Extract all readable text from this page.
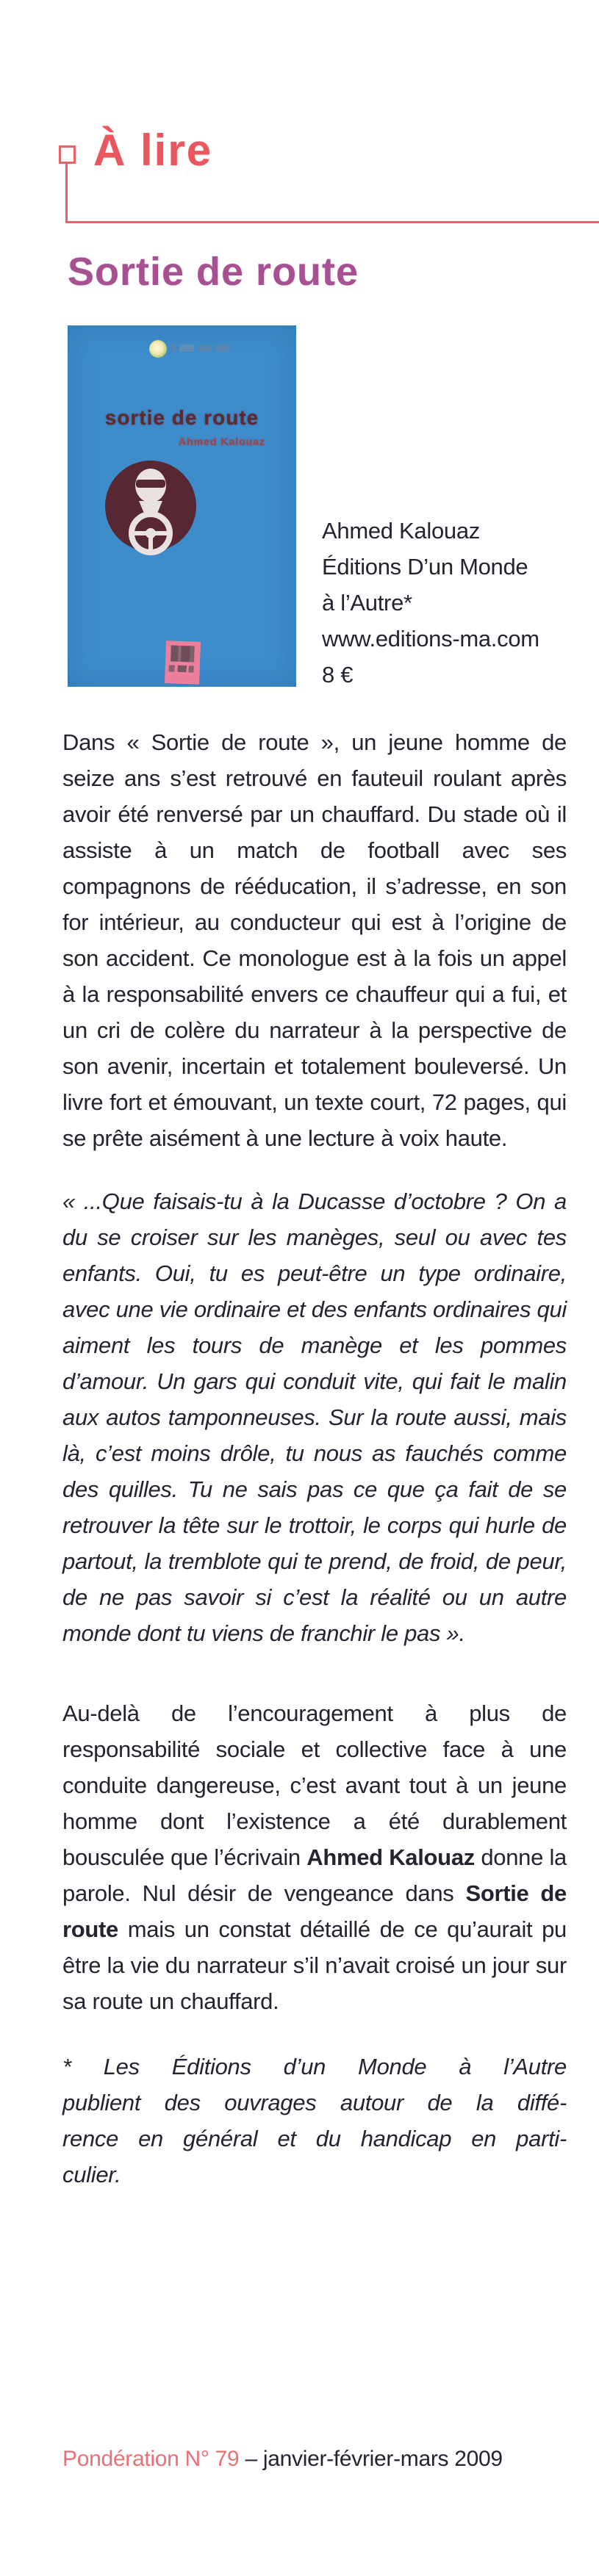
À lire
Sortie de route
sortie de route
Ahmed Kalouaz
Ahmed Kalouaz
Éditions D’un Monde
à l’Autre*
www.editions-ma.com
8 €

Dans « Sortie de route », un jeune homme de seize ans s’est retrouvé en fauteuil roulant après avoir été renversé par un chauffard. Du stade où il assiste à un match de football avec ses compagnons de rééducation, il s’adresse, en son for intérieur, au conducteur qui est à l’origine de son accident. Ce monologue est à la fois un appel à la responsabilité envers ce chauffeur qui a fui, et un cri de colère du narrateur à la perspective de son avenir, incertain et totalement bouleversé. Un livre fort et émouvant, un texte court, 72 pages, qui se prête aisément à une lecture à voix haute.

« ...Que faisais-tu à la Ducasse d’octobre ? On a du se croiser sur les manèges, seul ou avec tes enfants. Oui, tu es peut-être un type ordinaire, avec une vie ordinaire et des enfants ordinaires qui aiment les tours de manège et les pommes d’amour. Un gars qui conduit vite, qui fait le malin aux autos tamponneuses. Sur la route aussi, mais là, c’est moins drôle, tu nous as fauchés comme des quilles. Tu ne sais pas ce que ça fait de se retrouver la tête sur le trottoir, le corps qui hurle de partout, la tremblote qui te prend, de froid, de peur, de ne pas savoir si c’est la réalité ou un autre monde dont tu viens de franchir le pas ».

Au-delà de l’encouragement à plus de responsabilité sociale et collective face à une conduite dangereuse, c’est avant tout à un jeune homme dont l’existence a été durablement bousculée que l’écrivain Ahmed Kalouaz donne la parole. Nul désir de vengeance dans Sortie de route mais un constat détaillé de ce qu’aurait pu être la vie du narrateur s’il n’avait croisé un jour sur sa route un chauffard.

* Les Éditions d’un Monde à l’Autre
publient des ouvrages autour de la diffé-
rence en général et du handicap en parti-
culier.
Pondération N° 79 – janvier-février-mars 2009
